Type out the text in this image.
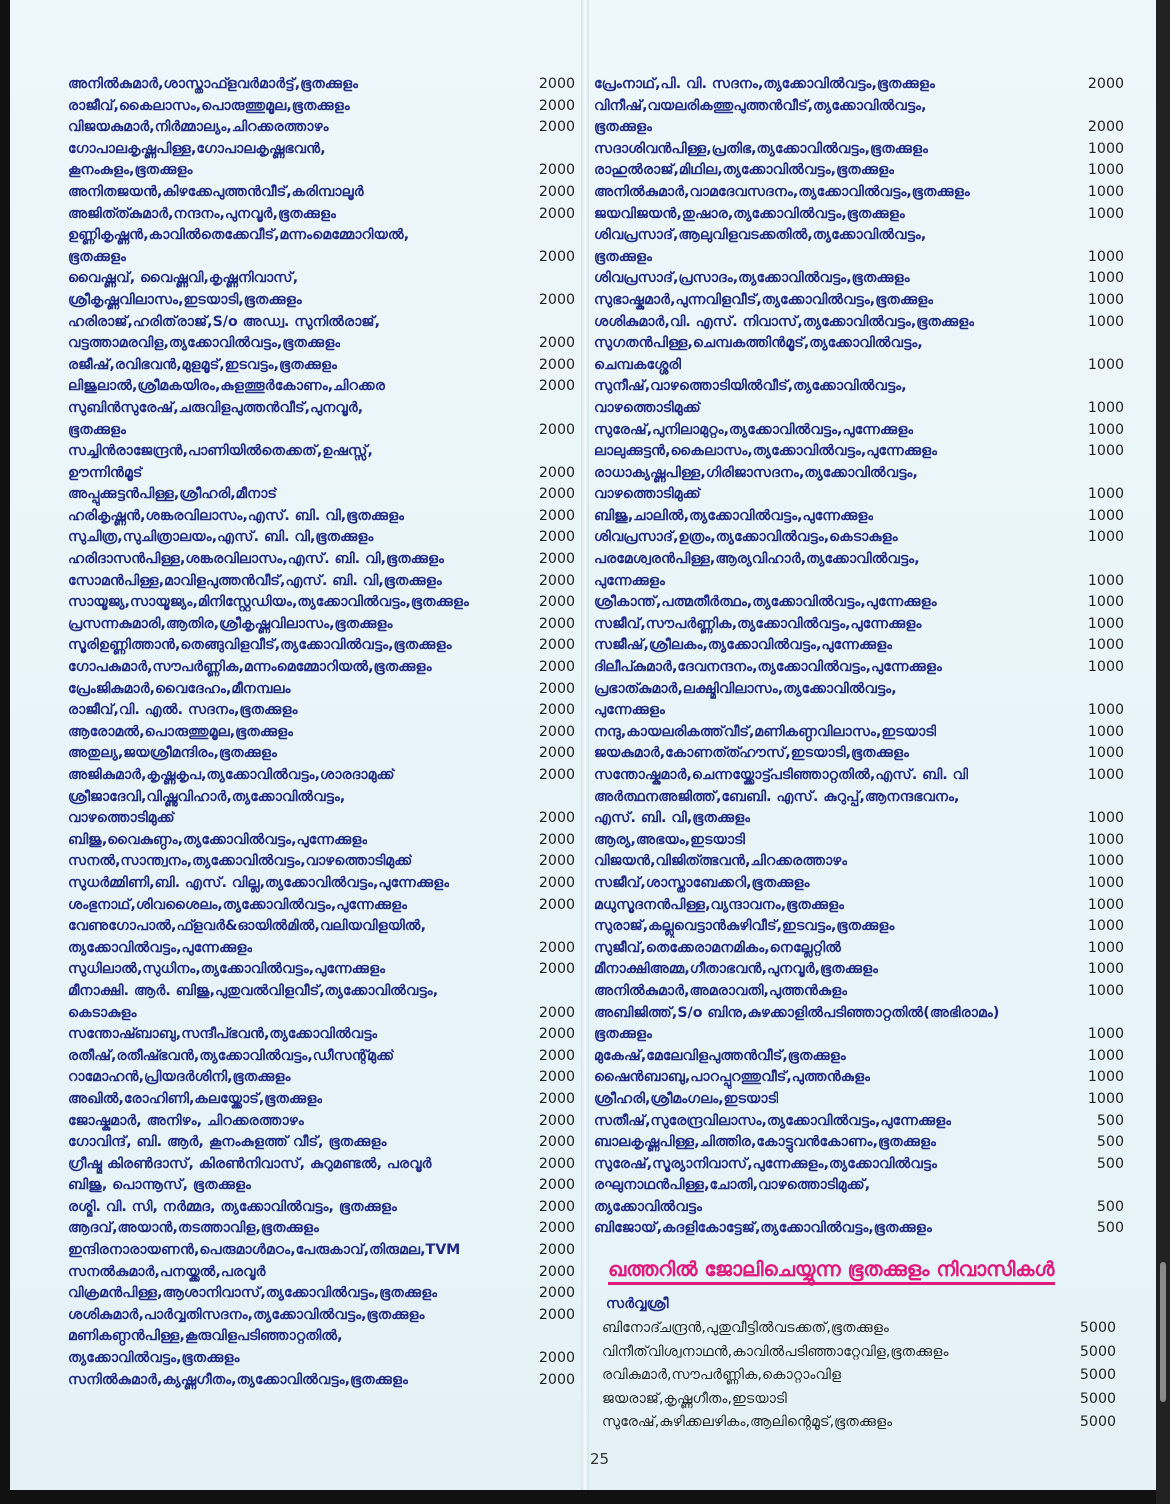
അനിൽകുമാർ,ശാസ്താഫ്ളവർമാർട്ട്,ഭൂതക്കുളം	2000
രാജീവ്,കൈലാസം,പൊരുത്തുമൂല,ഭൂതക്കുളം	2000
വിജയകുമാർ,നിർമ്മാല്യം,ചിറക്കരത്താഴം	2000
ഗോപാലകൃഷ്ണപിള്ള,ഗോപാലകൃഷ്ണഭവൻ,
കൂനംകുളം,ഭൂതക്കുളം	2000
അനിതജയൻ,കിഴക്കേപുത്തൻവീട്,കരിമ്പാലൂർ	2000
അജിത്ത്കുമാർ,നന്ദനം,പുനവൂർ,ഭൂതക്കുളം	2000
ഉണ്ണികൃഷ്ണൻ,കാവിൽതെക്കേവീട്,മന്നംമെമ്മോറിയൽ,
ഭൂതക്കുളം	2000
വൈഷ്ണവ്, വൈഷ്ണവി,കൃഷ്ണനിവാസ്,
ശ്രീകൃഷ്ണവിലാസം,ഇടയാടി,ഭൂതക്കുളം	2000
ഹരിരാജ്,ഹരിത്‌രാജ്,S/o അഡ്വ. സുനിൽരാജ്,
വട്ടത്താമരവിള,ത്യക്കോവിൽവട്ടം,ഭൂതക്കുളം	2000
രജീഷ്,രവിഭവൻ,മുളമൂട്,ഇടവട്ടം,ഭൂതക്കുളം	2000
ലിജുലാൽ,ശ്രീമകയിരം,കുളത്തൂർകോണം,ചിറക്കര	2000
സുബിൻസുരേഷ്,ചരുവിളപുത്തൻവീട്,പുനവൂർ,
ഭൂതക്കുളം	2000
സച്ചിൻരാജേന്ദ്രൻ,പാണിയിൽതെക്കത്,ഉഷസ്സ്,
ഊന്നിൻമൂട്	2000
അപ്പുക്കുട്ടൻപിള്ള,ശ്രീഹരി,മീനാട്	2000
ഹരികൃഷ്ണൻ,ശങ്കരവിലാസം,എസ്. ബി. വി,ഭൂതക്കുളം	2000
സുചിത്ര,സുചിത്രാലയം,എസ്. ബി. വി,ഭൂതക്കുളം	2000
ഹരിദാസൻപിള്ള,ശങ്കരവിലാസം,എസ്. ബി. വി,ഭൂതക്കുളം	2000
സോമൻപിള്ള,മാവിളപുത്തൻവീട്,എസ്. ബി. വി,ഭൂതക്കുളം	2000
സായൂജ്യ,സായൂജ്യം,മിനിസ്റ്റേഡിയം,ത്യക്കോവിൽവട്ടം,ഭൂതക്കുളം	2000
പ്രസന്നകുമാരി,ആതിര,ശ്രീകൃഷ്ണവിലാസം,ഭൂതക്കുളം	2000
സൂരിഉണ്ണിത്താൻ,തെങ്ങുവിളവീട്,ത്യക്കോവിൽവട്ടം,ഭൂതക്കുളം	2000
ഗോപകുമാർ,സൗപർണ്ണിക,മന്നംമെമ്മോറിയൽ,ഭൂതക്കുളം	2000
പ്രേംജികുമാർ,വൈദേഹം,മീനമ്പലം	2000
രാജീവ്,വി. എൽ. സദനം,ഭൂതക്കുളം	2000
ആരോമൽ,പൊരുത്തുമൂല,ഭൂതക്കുളം	2000
അതുല്യ,ജയശ്രീമന്ദിരം,ഭൂതക്കുളം	2000
അജികുമാർ,കൃഷ്ണകൃപ,ത്യക്കോവിൽവട്ടം,ശാരദാമുക്ക്	2000
ശ്രീജാദേവി,വിഷ്ണുവിഹാർ,ത്യക്കോവിൽവട്ടം,
വാഴത്തൊടിമുക്ക്	2000
ബിജു,വൈകുണ്ഠം,ത്യക്കോവിൽവട്ടം,പുന്നേക്കുളം	2000
സനൽ,സാന്ത്വനം,ത്യക്കോവിൽവട്ടം,വാഴത്തൊടിമുക്ക്	2000
സുധർമ്മിണി,ബി. എസ്. വില്ല,ത്യക്കോവിൽവട്ടം,പുന്നേക്കുളം	2000
ശംഭുനാഥ്,ശിവശൈലം,ത്യക്കോവിൽവട്ടം,പുന്നേക്കുളം	2000
വേണുഗോപാൽ,ഫ്ളവർ&ഓയിൽമിൽ,വലിയവിളയിൽ,
ത്യക്കോവിൽവട്ടം,പുന്നേക്കുളം	2000
സുധിലാൽ,സുധിനം,ത്യക്കോവിൽവട്ടം,പുന്നേക്കുളം	2000
മീനാക്ഷി. ആർ. ബിജു,പുതുവൽവിളവീട്,ത്യക്കോവിൽവട്ടം,
കെടാകുളം	2000
സന്തോഷ്ബാബു,സന്ദീപ്ഭവൻ,ത്യക്കോവിൽവട്ടം	2000
രതീഷ്,രതീഷ്ഭവൻ,ത്യക്കോവിൽവട്ടം,ഡീസന്റ്മുക്ക്	2000
റാമോഹൻ,പ്രിയദർശിനി,ഭൂതക്കുളം	2000
അഖിൽ,രോഹിണി,കലയ്ക്കോട്,ഭൂതക്കുളം	2000
ജോഷ്കുമാർ, അനിഴം, ചിറക്കരത്താഴം	2000
ഗോവിന്ദ്, ബി. ആർ, കൂനംകുളത്ത് വീട്, ഭൂതക്കുളം	2000
ഗ്രീഷ്മ കിരൺദാസ്, കിരൺനിവാസ്, കുറുമണ്ടൽ, പരവൂർ	2000
ബിജു, പൊന്നൂസ്, ഭൂതക്കുളം	2000
രശ്മി. വി. സി, നർമ്മദ, ത്യക്കോവിൽവട്ടം, ഭൂതക്കുളം	2000
ആദവ്,അയാൻ,തടത്താവിള,ഭൂതക്കുളം	2000
ഇന്ദിരനാരായണൻ,പെരുമാൾമഠം,പേരുകാവ്,തിരുമല,TVM	2000
സനൽകുമാർ,പനയ്ക്കൽ,പരവൂർ	2000
വിക്രമൻപിള്ള,ആശാനിവാസ്,ത്യക്കോവിൽവട്ടം,ഭൂതക്കുളം	2000
ശശികുമാർ,പാർവ്വതിസദനം,ത്യക്കോവിൽവട്ടം,ഭൂതക്കുളം	2000
മണികണ്ഠൻപിള്ള,കൂരുവിളപടിഞ്ഞാറ്റതിൽ,
ത്യക്കോവിൽവട്ടം,ഭൂതക്കുളം	2000
സനിൽകുമാർ,ക്യഷ്ണഗീതം,ത്യക്കോവിൽവട്ടം,ഭൂതക്കുളം	2000
പ്രേംനാഥ്,പി. വി. സദനം,ത്യക്കോവിൽവട്ടം,ഭൂതക്കുളം	2000
വിനീഷ്,വയലരികത്തുപുത്തൻവീട്,ത്യക്കോവിൽവട്ടം,
ഭൂതക്കുളം	2000
സദാശിവൻപിള്ള,പ്രതിഭ,ത്യക്കോവിൽവട്ടം,ഭൂതക്കുളം	1000
രാഹുൽരാജ്,മിഥില,ത്യക്കോവിൽവട്ടം,ഭൂതക്കുളം	1000
അനിൽകുമാർ,വാമദേവസദനം,ത്യക്കോവിൽവട്ടം,ഭൂതക്കുളം	1000
ജയവിജയൻ,തുഷാര,ത്യക്കോവിൽവട്ടം,ഭൂതക്കുളം	1000
ശിവപ്രസാദ്,ആലുവിളവടക്കതിൽ,ത്യക്കോവിൽവട്ടം,
ഭൂതക്കുളം	1000
ശിവപ്രസാദ്,പ്രസാദം,ത്യക്കോവിൽവട്ടം,ഭൂതക്കുളം	1000
സുഭാഷ്കുമാർ,പുന്നവിളവീട്,ത്യക്കോവിൽവട്ടം,ഭൂതക്കുളം	1000
ശശികുമാർ,വി. എസ്. നിവാസ്,ത്യക്കോവിൽവട്ടം,ഭൂതക്കുളം	1000
സുഗതൻപിള്ള,ചെമ്പകത്തിൻമൂട്,ത്യക്കോവിൽവട്ടം,
ചെമ്പകശ്ശേരി	1000
സുനീഷ്,വാഴത്തൊടിയിൽവീട്,ത്യക്കോവിൽവട്ടം,
വാഴത്തൊടിമുക്ക്	1000
സുരേഷ്,പുനിലാമുറ്റം,ത്യക്കോവിൽവട്ടം,പുന്നേക്കുളം	1000
ലാലുക്കുട്ടൻ,കൈലാസം,ത്യക്കോവിൽവട്ടം,പുന്നേക്കുളം	1000
രാധാക്യഷ്ണപിള്ള,ഗിരിജാസദനം,ത്യക്കോവിൽവട്ടം,
വാഴത്തൊടിമുക്ക്	1000
ബിജു,ചാലിൽ,ത്യക്കോവിൽവട്ടം,പുന്നേക്കുളം	1000
ശിവപ്രസാദ്,ഉത്രം,ത്യക്കോവിൽവട്ടം,കെടാകുളം	1000
പരമേശ്വരൻപിള്ള,ആര്യവിഹാർ,ത്യക്കോവിൽവട്ടം,
പുന്നേക്കുളം	1000
ശ്രീകാന്ത്,പത്മതീർത്ഥം,ത്യക്കോവിൽവട്ടം,പുന്നേക്കുളം	1000
സജീവ്,സൗപർണ്ണിക,ത്യക്കോവിൽവട്ടം,പുന്നേക്കുളം	1000
സജീഷ്,ശ്രീലകം,ത്യക്കോവിൽവട്ടം,പുന്നേക്കുളം	1000
ദിലീപ്കുമാർ,ദേവനന്ദനം,ത്യക്കോവിൽവട്ടം,പുന്നേക്കുളം	1000
പ്രഭാത്കുമാർ,ലക്ഷ്മിവിലാസം,ത്യക്കോവിൽവട്ടം,
പുന്നേക്കുളം	1000
നന്ദു,കായലരികത്ത്‌വീട്,മണികണ്ഠവിലാസം,ഇടയാടി	1000
ജയകുമാർ,കോണത്ത്ഹൗസ്,ഇടയാടി,ഭൂതക്കുളം	1000
സന്തോഷ്കുമാർ,ചെന്നയ്ക്കോട്ട്പടിഞ്ഞാറ്റതിൽ,എസ്. ബി. വി	1000
അർത്ഥനഅജിത്ത്,ബേബി. എസ്. കുറുപ്പ്,ആനന്ദഭവനം,
എസ്. ബി. വി,ഭൂതക്കുളം	1000
ആര്യ,അഭയം,ഇടയാടി	1000
വിജയൻ,വിജിത്ത്ഭവൻ,ചിറക്കരത്താഴം	1000
സജീവ്,ശാസ്താബേക്കറി,ഭൂതക്കുളം	1000
മധുസൂദനൻപിള്ള,വ്യന്ദാവനം,ഭൂതക്കുളം	1000
സുരാജ്,കല്ലുവെട്ടാൻകുഴിവീട്,ഇടവട്ടം,ഭൂതക്കുളം	1000
സുജീവ്,തെക്കേരാമനമികം,നെല്ലേറ്റിൽ	1000
മീനാക്ഷിഅമ്മ,ഗീതാഭവൻ,പുനവൂർ,ഭൂതക്കുളം	1000
അനിൽകുമാർ,അമരാവതി,പുത്തൻകുളം	1000
അബിജിത്ത്,S/o ബിനു,കുഴക്കാളിൽപടിഞ്ഞാറ്റതിൽ(അഭിരാമം)
ഭൂതക്കുളം	1000
മുകേഷ്,മേലേവിളപുത്തൻവീട്,ഭൂതക്കുളം	1000
ഷൈൻബാബു,പാറപ്പുറത്തുവീട്,പുത്തൻകുളം	1000
ശ്രീഹരി,ശ്രീമംഗലം,ഇടയാടി	1000
സതീഷ്,സുരേന്ദ്രവിലാസം,ത്യക്കോവിൽവട്ടം,പുന്നേക്കുളം	500
ബാലകൃഷ്ണപിള്ള,ചിത്തിര,കോട്ടുവൻകോണം,ഭൂതക്കുളം	500
സുരേഷ്,സൂര്യാനിവാസ്,പുന്നേക്കുളം,ത്യക്കോവിൽവട്ടം	500
രഘുനാഥൻപിള്ള,ചോതി,വാഴത്തൊടിമുക്ക്,
ത്യക്കോവിൽവട്ടം	500
ബിജോയ്,കദളികോട്ടേജ്,ത്യക്കോവിൽവട്ടം,ഭൂതക്കുളം	500
ഖത്തറിൽ ജോലിചെയ്യുന്ന ഭൂതക്കുളം നിവാസികൾ
സർവ്വശ്രീ
ബിനോദ്ചന്ദ്രൻ,പുതുവീട്ടിൽവടക്കത്,ഭൂതക്കുളം	5000
വിനീത്‌വിശ്വനാഥൻ,കാവിൽപടിഞ്ഞാറ്റേവിള,ഭൂതക്കുളം	5000
രവികുമാർ,സൗപർണ്ണിക,കൊറ്റാംവിള	5000
ജയരാജ്,കൃഷ്ണഗീതം,ഇടയാടി	5000
സുരേഷ്,കുഴിക്കലഴികം,ആലിന്റെമൂട്,ഭൂതക്കുളം	5000
25
